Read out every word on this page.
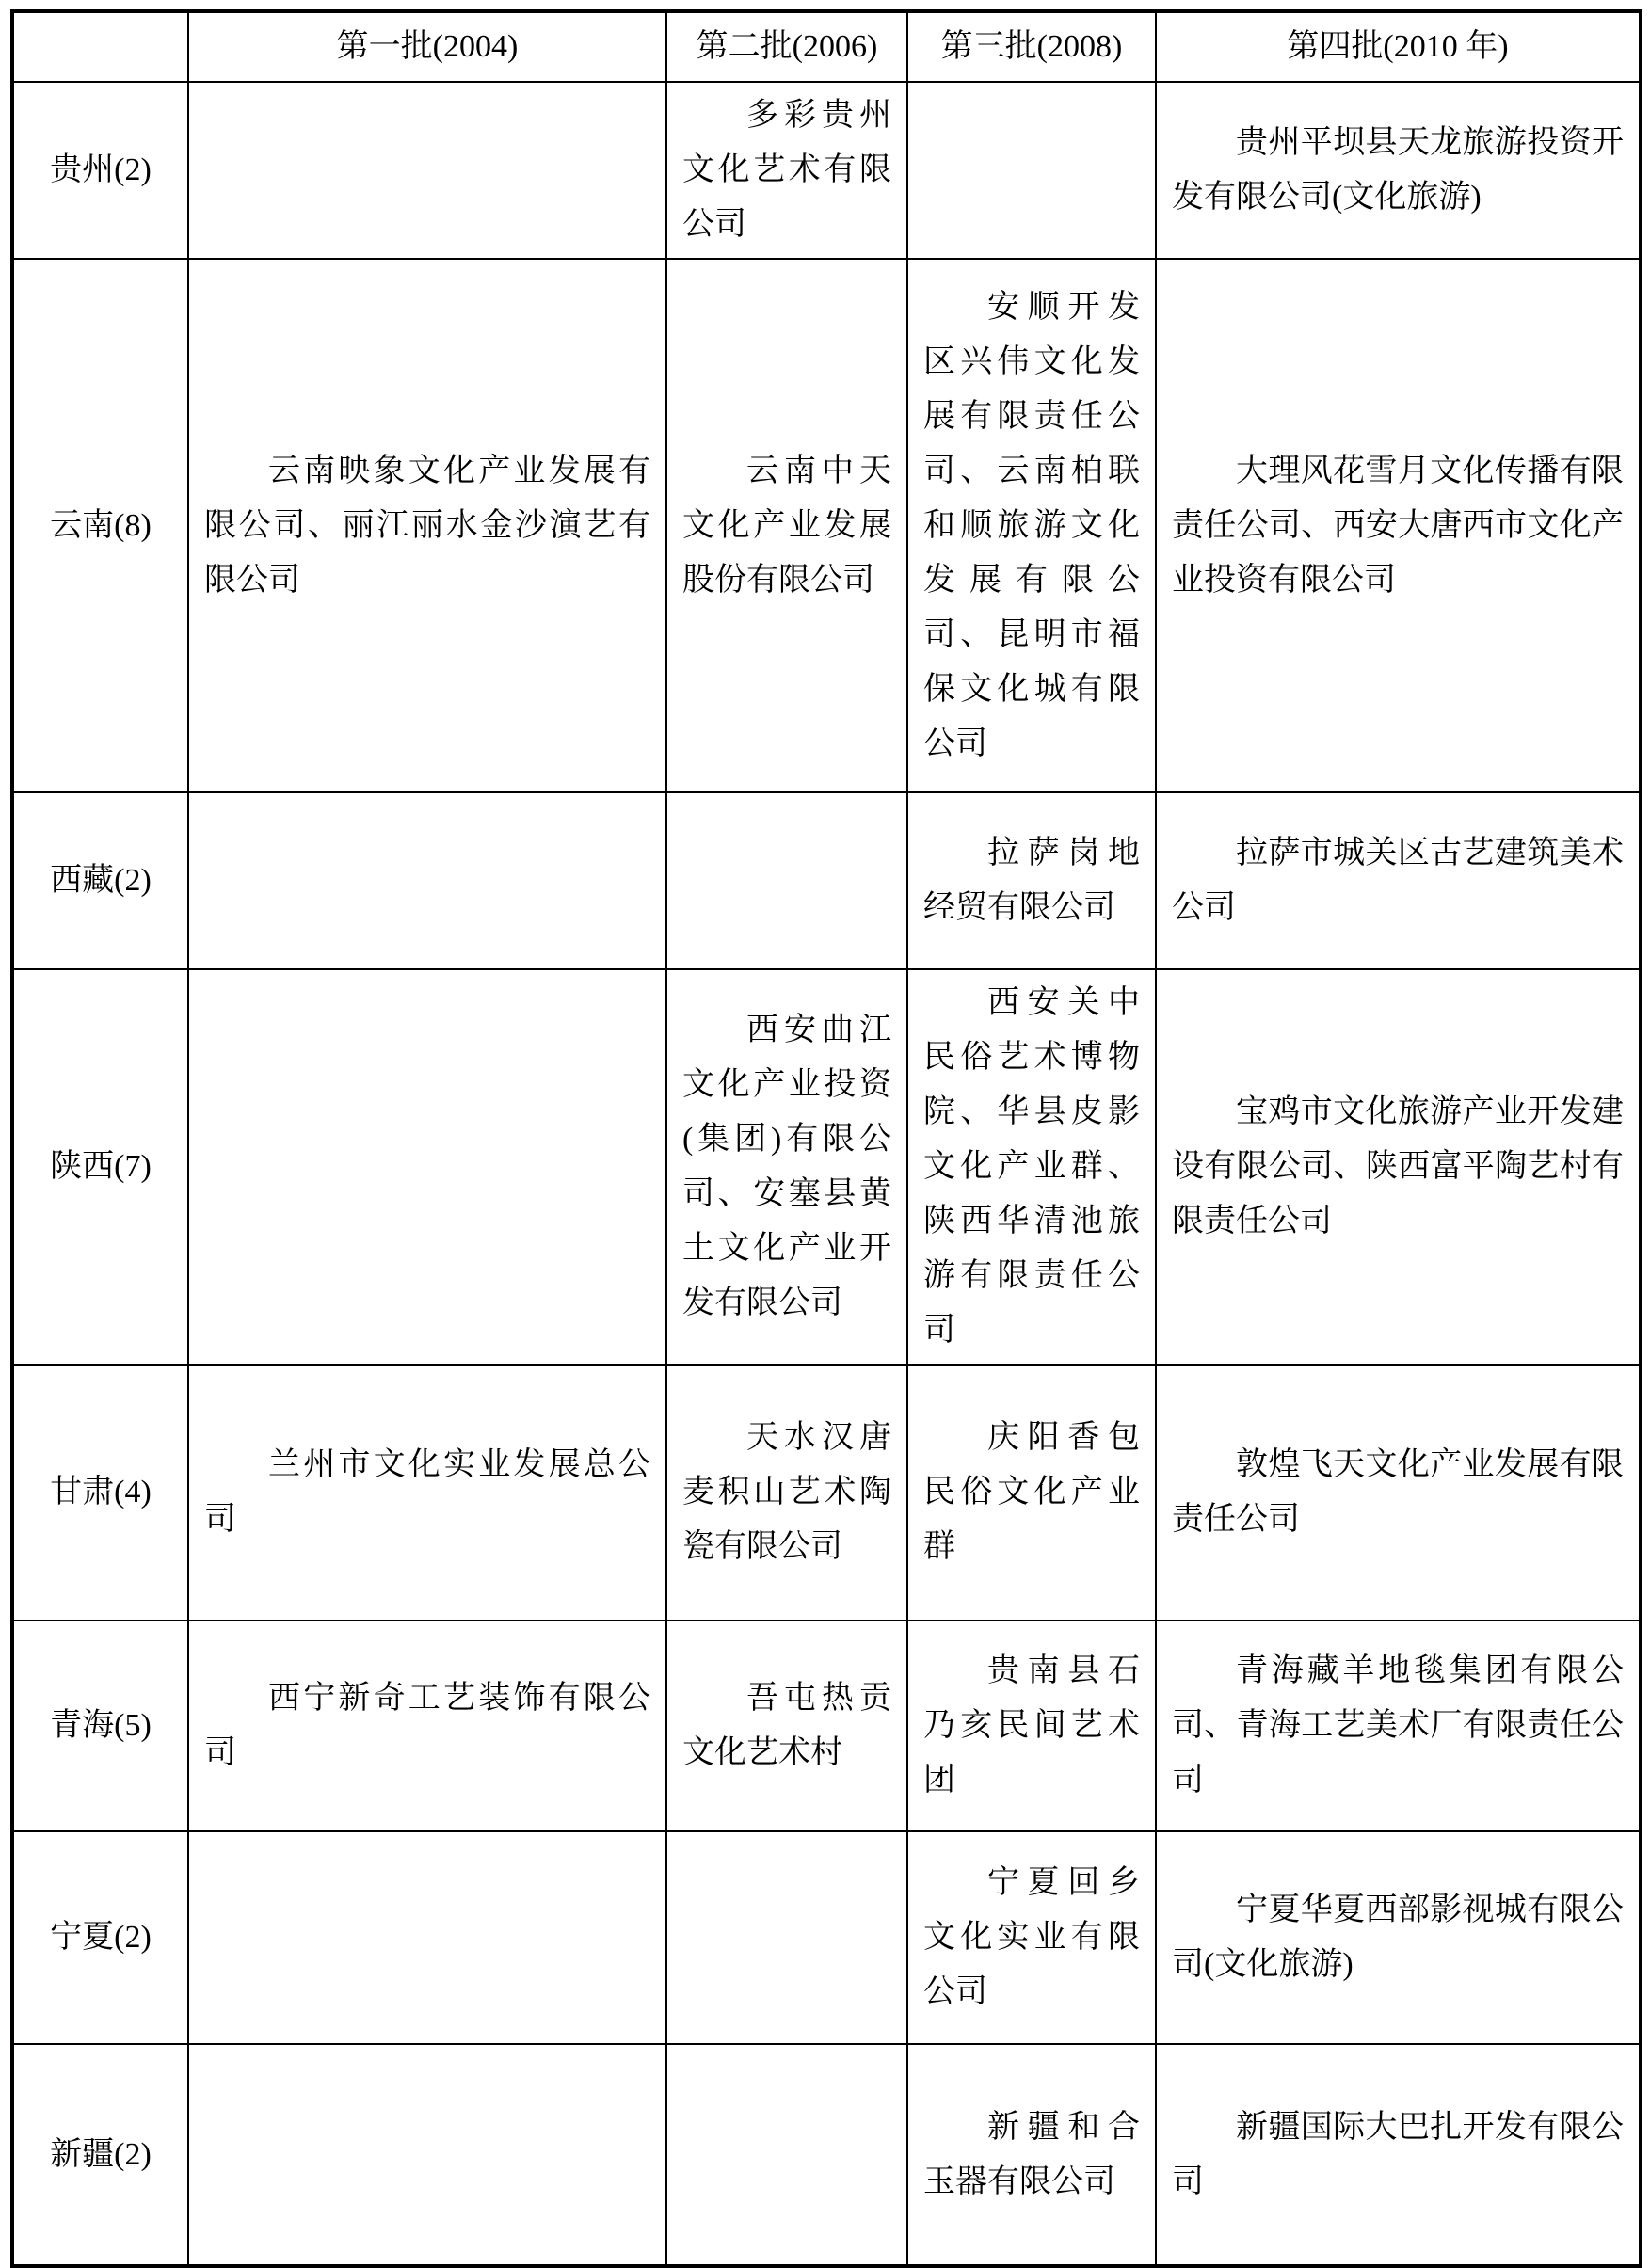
	第一批(2004)	第二批(2006)	第三批(2008)	第四批(2010 年)
贵州(2)		多彩贵州文化艺术有限公司		贵州平坝县天龙旅游投资开发有限公司(文化旅游)

云南(8)	云南映象文化产业发展有限公司、丽江丽水金沙演艺有限公司	云南中天文化产业发展股份有限公司	安顺开发区兴伟文化发展有限责任公司、云南柏联和顺旅游文化发展有限公司、昆明市福保文化城有限公司	大理风花雪月文化传播有限责任公司、西安大唐西市文化产业投资有限公司

西藏(2)			拉萨岗地经贸有限公司	拉萨市城关区古艺建筑美术公司

陕西(7)		西安曲江文化产业投资(集团)有限公司、安塞县黄土文化产业开发有限公司	西安关中民俗艺术博物院、华县皮影文化产业群、陕西华清池旅游有限责任公司	宝鸡市文化旅游产业开发建设有限公司、陕西富平陶艺村有限责任公司

甘肃(4)	兰州市文化实业发展总公司	天水汉唐麦积山艺术陶瓷有限公司	庆阳香包民俗文化产业群	敦煌飞天文化产业发展有限责任公司

青海(5)	西宁新奇工艺装饰有限公司	吾屯热贡文化艺术村	贵南县石乃亥民间艺术团	青海藏羊地毯集团有限公司、青海工艺美术厂有限责任公司

宁夏(2)			宁夏回乡文化实业有限公司	宁夏华夏西部影视城有限公司(文化旅游)

新疆(2)			新疆和合玉器有限公司	新疆国际大巴扎开发有限公司
